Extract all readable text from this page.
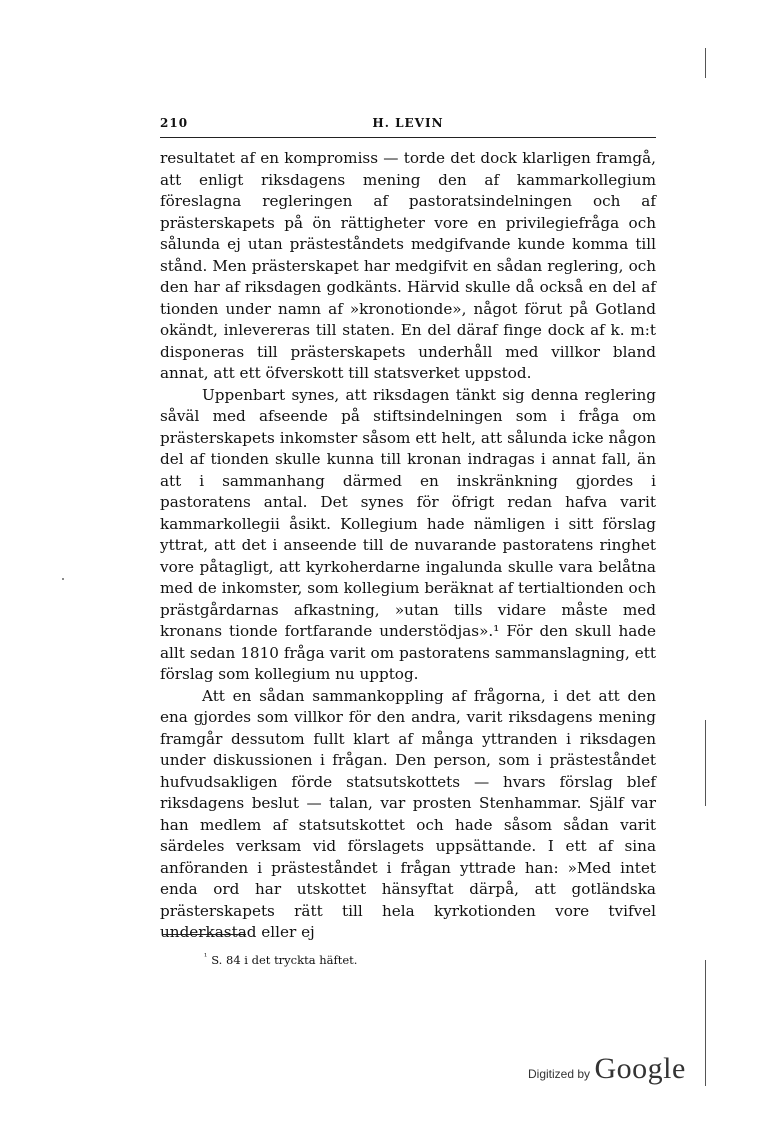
210	H. LEVIN

resultatet af en kompromiss — torde det dock klarligen framgå, att enligt riksdagens mening den af kammarkollegium föreslagna regleringen af pastoratsindelningen och af prästerskapets på ön rättigheter vore en privilegiefråga och sålunda ej utan prästeståndets medgifvande kunde komma till stånd. Men prästerskapet har medgifvit en sådan reglering, och den har af riksdagen godkänts. Härvid skulle då också en del af tionden under namn af »kronotionde», något förut på Gotland okändt, inlevereras till staten. En del däraf finge dock af k. m:t disponeras till prästerskapets underhåll med villkor bland annat, att ett öfverskott till statsverket uppstod.

Uppenbart synes, att riksdagen tänkt sig denna reglering såväl med afseende på stiftsindelningen som i fråga om prästerskapets inkomster såsom ett helt, att sålunda icke någon del af tionden skulle kunna till kronan indragas i annat fall, än att i sammanhang därmed en inskränkning gjordes i pastoratens antal. Det synes för öfrigt redan hafva varit kammarkollegii åsikt. Kollegium hade nämligen i sitt förslag yttrat, att det i anseende till de nuvarande pastoratens ringhet vore påtagligt, att kyrkoherdarne ingalunda skulle vara belåtna med de inkomster, som kollegium beräknat af tertialtionden och prästgårdarnas afkastning, »utan tills vidare måste med kronans tionde fortfarande understödjas».¹ För den skull hade allt sedan 1810 fråga varit om pastoratens sammanslagning, ett förslag som kollegium nu upptog.

Att en sådan sammankoppling af frågorna, i det att den ena gjordes som villkor för den andra, varit riksdagens mening framgår dessutom fullt klart af många yttranden i riksdagen under diskussionen i frågan. Den person, som i prästeståndet hufvudsakligen förde statsutskottets — hvars förslag blef riksdagens beslut — talan, var prosten Stenhammar. Själf var han medlem af statsutskottet och hade såsom sådan varit särdeles verksam vid förslagets uppsättande. I ett af sina anföranden i prästeståndet i frågan yttrade han: »Med intet enda ord har utskottet hänsyftat därpå, att gotländska prästerskapets rätt till hela kyrkotionden vore tvifvel underkastad eller ej

$^{^1}$ S. 84 i det tryckta häftet.
Digitized by Google
